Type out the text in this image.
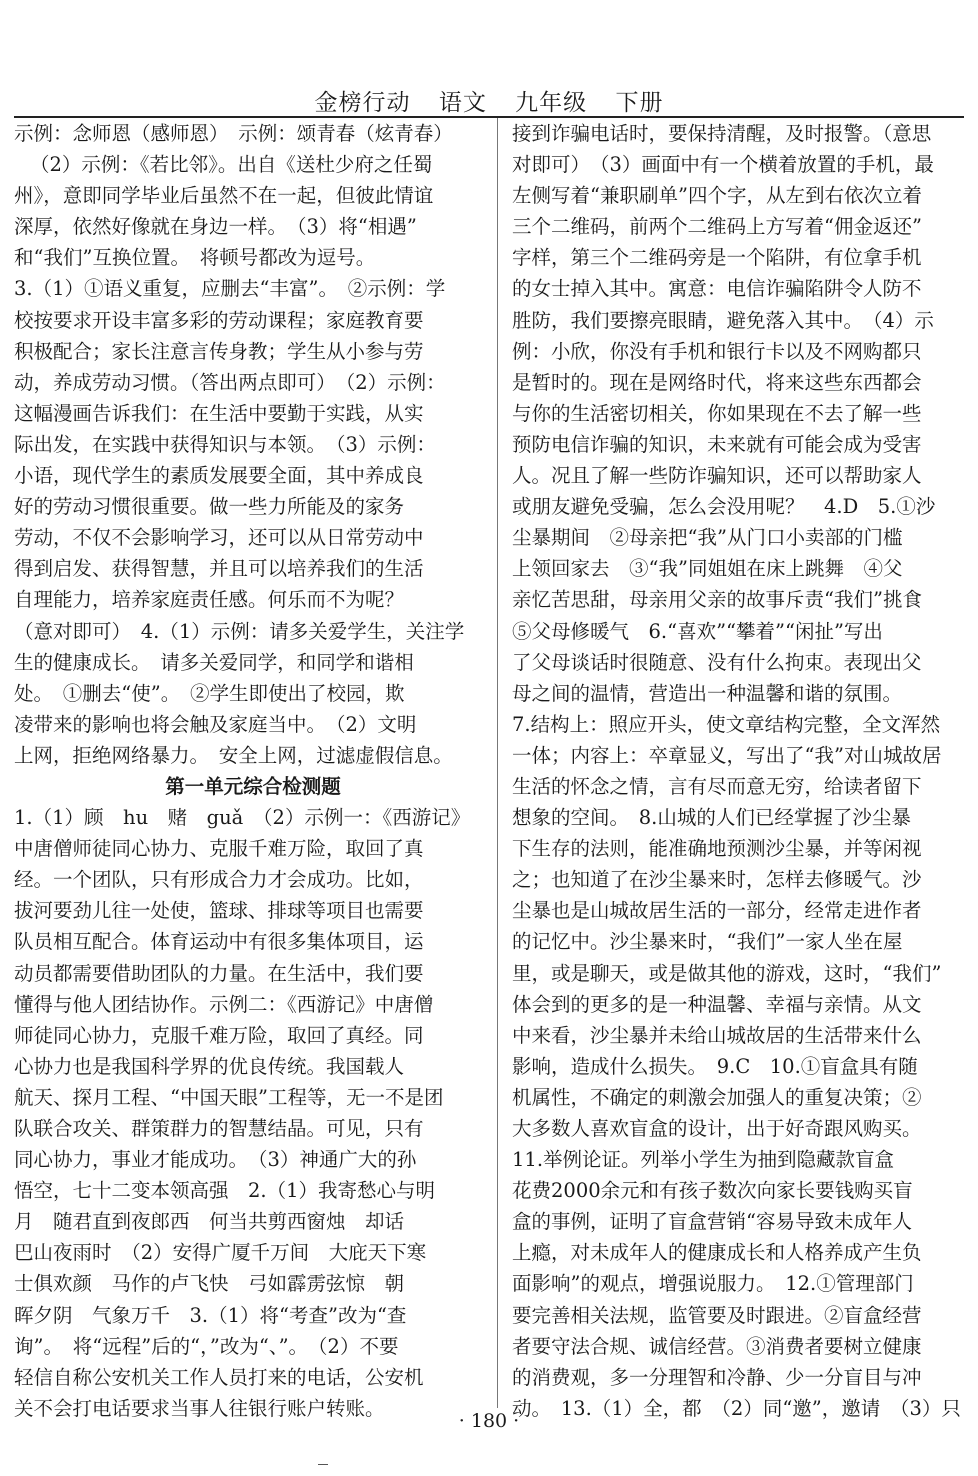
金榜行动 语文 九年级 下册
示例：念师恩（感师恩）　示例：颂青春（炫青春）
（2）示例：《若比邻》。出自《送杜少府之任蜀
州》，意即同学毕业后虽然不在一起，但彼此情谊
深厚，依然好像就在身边一样。　（3）将“相遇”
和“我们”互换位置。　将顿号都改为逗号。
3.（1）①语义重复，应删去“丰富”。　②示例：学
校按要求开设丰富多彩的劳动课程；家庭教育要
积极配合；家长注意言传身教；学生从小参与劳
动，养成劳动习惯。（答出两点即可）　（2）示例：
这幅漫画告诉我们：在生活中要勤于实践，从实
际出发，在实践中获得知识与本领。　（3）示例：
小语，现代学生的素质发展要全面，其中养成良
好的劳动习惯很重要。做一些力所能及的家务
劳动，不仅不会影响学习，还可以从日常劳动中
得到启发、获得智慧，并且可以培养我们的生活
自理能力，培养家庭责任感。何乐而不为呢？
（意对即可）　4.（1）示例：请多关爱学生，关注学
生的健康成长。　请多关爱同学，和同学和谐相
处。　①删去“使”。　②学生即使出了校园，欺
凌带来的影响也将会触及家庭当中。　（2）文明
上网，拒绝网络暴力。　安全上网，过滤虚假信息。
第一单元综合检测题
1.（1）顾　hu　赌　guǎ　（2）示例一：《西游记》
中唐僧师徒同心协力、克服千难万险，取回了真
经。一个团队，只有形成合力才会成功。比如，
拔河要劲儿往一处使，篮球、排球等项目也需要
队员相互配合。体育运动中有很多集体项目，运
动员都需要借助团队的力量。在生活中，我们要
懂得与他人团结协作。示例二：《西游记》中唐僧
师徒同心协力，克服千难万险，取回了真经。同
心协力也是我国科学界的优良传统。我国载人
航天、探月工程、“中国天眼”工程等，无一不是团
队联合攻关、群策群力的智慧结晶。可见，只有
同心协力，事业才能成功。　（3）神通广大的孙
悟空，七十二变本领高强　2.（1）我寄愁心与明
月　随君直到夜郎西　何当共剪西窗烛　却话
巴山夜雨时　（2）安得广厦千万间　大庇天下寒
士俱欢颜　马作的卢飞快　弓如霹雳弦惊　朝
晖夕阴　气象万千　3.（1）将“考查”改为“查
询”。　将“远程”后的“，”改为“、”。　（2）不要
轻信自称公安机关工作人员打来的电话，公安机
关不会打电话要求当事人往银行账户转账。
接到诈骗电话时，要保持清醒，及时报警。（意思
对即可）　（3）画面中有一个横着放置的手机，最
左侧写着“兼职刷单”四个字，从左到右依次立着
三个二维码，前两个二维码上方写着“佣金返还”
字样，第三个二维码旁是一个陷阱，有位拿手机
的女士掉入其中。寓意：电信诈骗陷阱令人防不
胜防，我们要擦亮眼睛，避免落入其中。　（4）示
例：小欣，你没有手机和银行卡以及不网购都只
是暂时的。现在是网络时代，将来这些东西都会
与你的生活密切相关，你如果现在不去了解一些
预防电信诈骗的知识，未来就有可能会成为受害
人。况且了解一些防诈骗知识，还可以帮助家人
或朋友避免受骗，怎么会没用呢？　4.D　5.①沙
尘暴期间　②母亲把“我”从门口小卖部的门槛
上领回家去　③“我”同姐姐在床上跳舞　④父
亲忆苦思甜，母亲用父亲的故事斥责“我们”挑食
⑤父母修暖气　6.“喜欢”“攀着”“闲扯”写出
了父母谈话时很随意、没有什么拘束。表现出父
母之间的温情，营造出一种温馨和谐的氛围。
7.结构上：照应开头，使文章结构完整，全文浑然
一体；内容上：卒章显义，写出了“我”对山城故居
生活的怀念之情，言有尽而意无穷，给读者留下
想象的空间。　8.山城的人们已经掌握了沙尘暴
下生存的法则，能准确地预测沙尘暴，并等闲视
之；也知道了在沙尘暴来时，怎样去修暖气。沙
尘暴也是山城故居生活的一部分，经常走进作者
的记忆中。沙尘暴来时，“我们”一家人坐在屋
里，或是聊天，或是做其他的游戏，这时，“我们”
体会到的更多的是一种温馨、幸福与亲情。从文
中来看，沙尘暴并未给山城故居的生活带来什么
影响，造成什么损失。　9.C　10.①盲盒具有随
机属性，不确定的刺激会加强人的重复决策；②
大多数人喜欢盲盒的设计，出于好奇跟风购买。
11.举例论证。列举小学生为抽到隐藏款盲盒
花费2000余元和有孩子数次向家长要钱购买盲
盒的事例，证明了盲盒营销“容易导致未成年人
上瘾，对未成年人的健康成长和人格养成产生负
面影响”的观点，增强说服力。　12.①管理部门
要完善相关法规，监管要及时跟进。②盲盒经营
者要守法合规、诚信经营。③消费者要树立健康
的消费观，多一分理智和冷静、少一分盲目与冲
动。　13.（1）全，都　（2）同“邀”，邀请　（3）只
· 180 ·
